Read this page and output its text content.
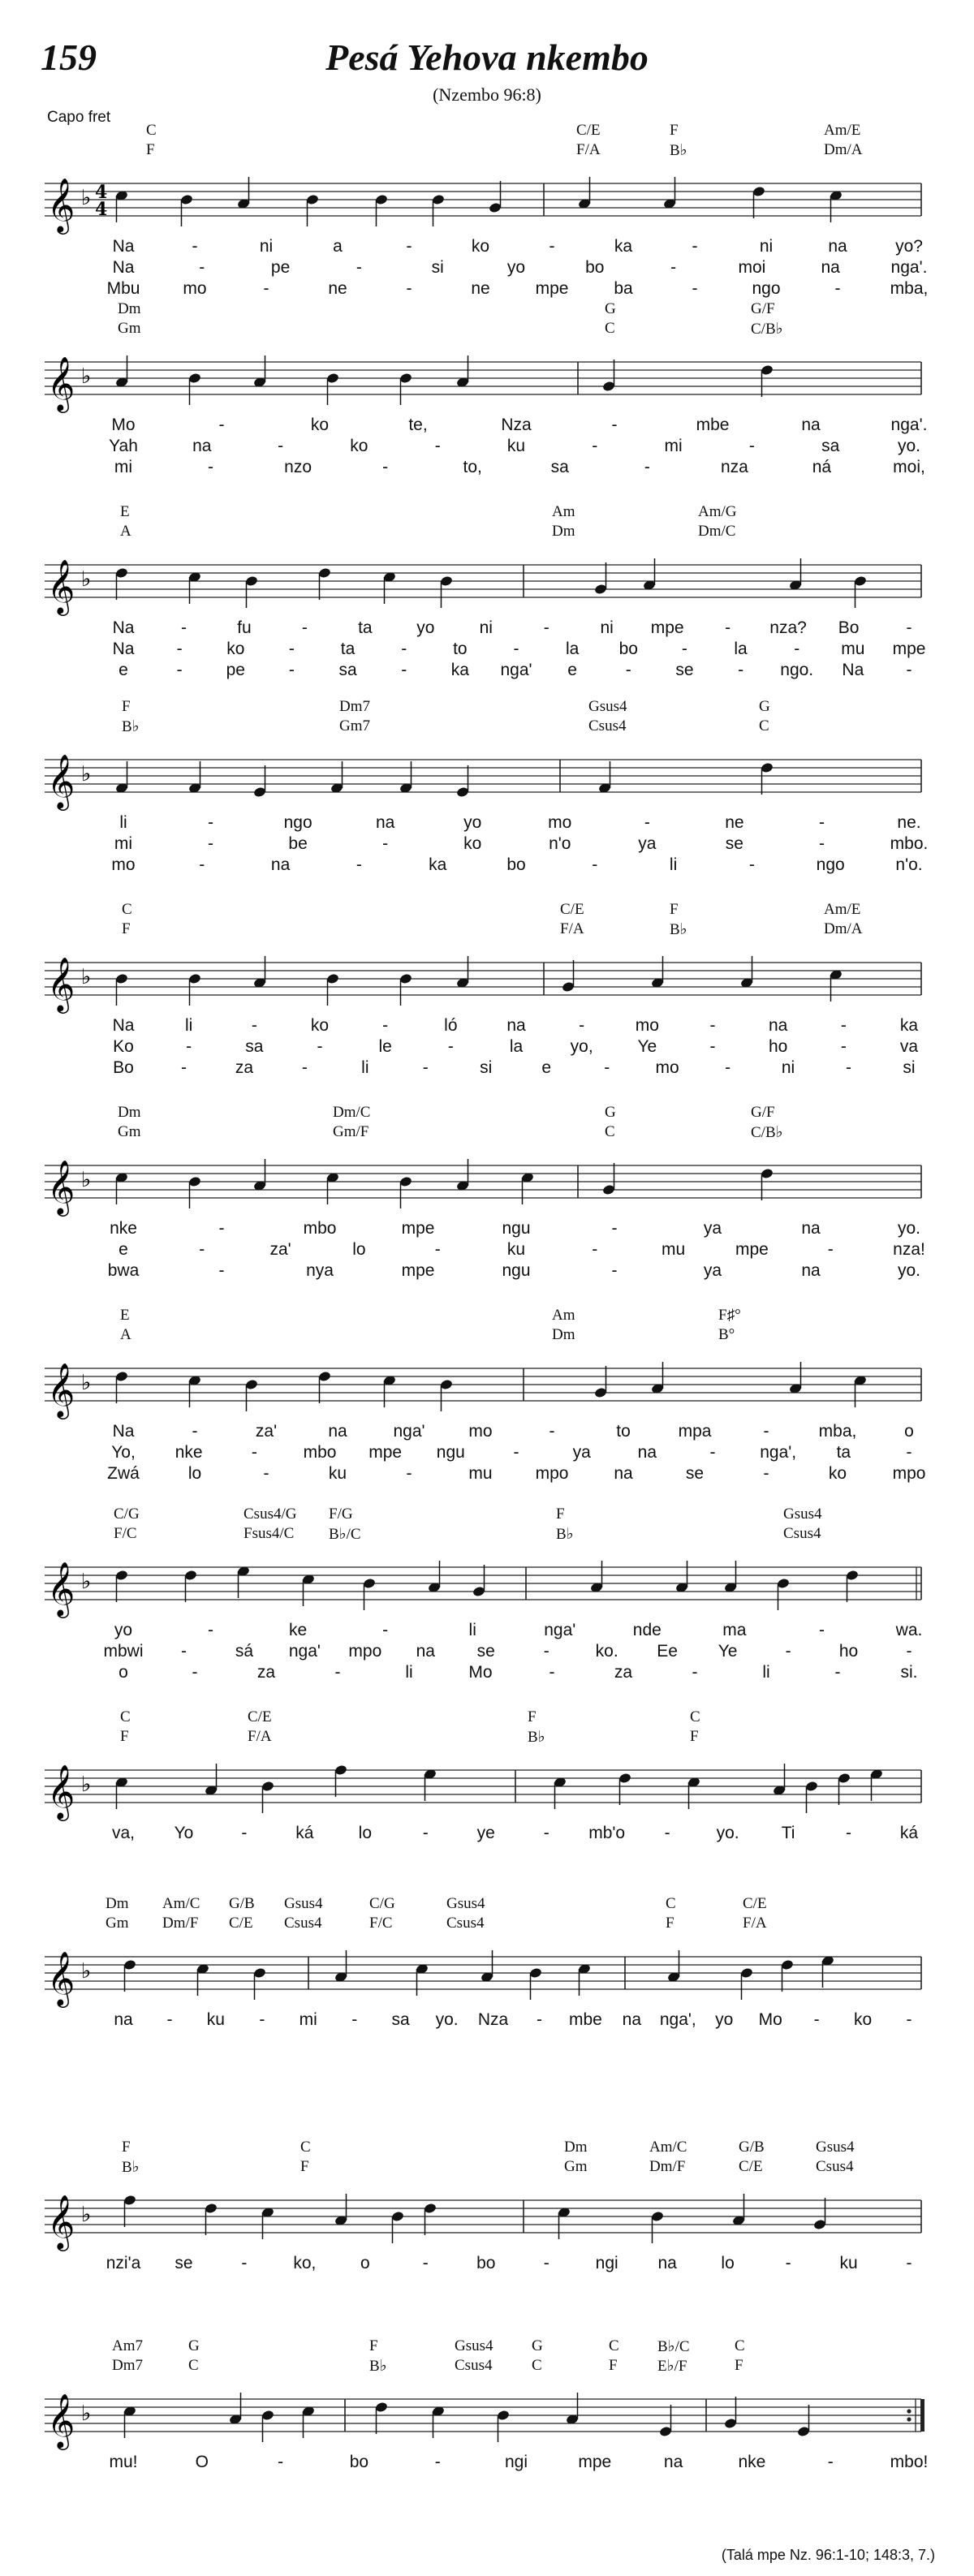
159	Pesá Yehova nkembo
(Nzembo 96:8)
Capo fret
C	C/E	F	Am/E
F	F/A	B♭	Dm/A
𝄞 ♭ 4
4
Na	-	ni	a	-	ko	-	ka	-	ni	na	yo?
Na	-	pe	-	si	yo	bo	-	moi	na	nga'.
Mbu	mo	-	ne	-	ne	mpe	ba	-	ngo	-	mba,
Dm	G	G/F
Gm	C	C/B♭
𝄞 ♭
Mo	-	ko	te,	Nza	-	mbe	na	nga'.
Yah	na	-	ko	-	ku	-	mi	-	sa	yo.
mi	-	nzo	-	to,	sa	-	nza	ná	moi,
E	Am	Am/G
A	Dm	Dm/C
𝄞 ♭
Na	-	fu	-	ta	yo	ni	-	ni mpe - nza? Bo	-
Na -	ko	-	ta	-	to	-	la bo	-	la	- mu mpe
e	-	pe	-	sa	-	ka nga' e	-	se	- ngo. Na -
F	Dm7	Gsus4	G
B♭	Gm7	Csus4	C
𝄞 ♭
li	-	ngo	na	yo	mo	-	ne	-	ne.
mi	-	be	-	ko	n'o	ya	se	-	mbo.
mo	-	na	-	ka	bo	-	li	-	ngo	n'o.
C	C/E	F	Am/E
F	F/A	B♭	Dm/A
𝄞 ♭
Na	li	-	ko	-	ló	na	-	mo	-	na	-	ka
Ko	-	sa	-	le	-	la	yo,	Ye	-	ho	-	va
Bo	-	za	-	li	-	si	e	-	mo	-	ni	-	si
Dm	Dm/C	G	G/F
Gm	Gm/F	C	C/B♭
𝄞 ♭
nke	-	mbo	mpe	ngu	-	ya	na	yo.
e	-	za'	lo	-	ku	-	mu	mpe	-	nza!
bwa	-	nya	mpe	ngu	-	ya	na	yo.
E	Am	F♯°
A	Dm	B°
𝄞 ♭
Na	-	za'	na	nga'	mo	-	to	mpa	-	mba,	o
Yo, nke	-	mbo mpe ngu	-	ya	na	-	nga', ta	-
Zwá	lo	-	ku	-	mu	mpo	na	se	-	ko	mpo
C/G	Csus4/G F/G	F	Gsus4
F/C	Fsus4/C B♭/C	B♭	Csus4
𝄞 ♭
yo	-	ke	-	li	nga'	nde	ma	-	wa.
mbwi -	sá nga' mpo na se	-	ko. Ee Ye	-	ho	-
o	-	za	-	li	Mo	-	za	-	li	-	si.
C	C/E	F	C
F	F/A	B♭	F
𝄞 ♭
va, Yo	-	ká	lo	-	ye	- mb'o -	yo. Ti	-	ká
Dm Am/C G/B Gsus4	C/G	Gsus4	C	C/E
Gm Dm/F C/E Csus4	F/C	Csus4	F	F/A
𝄞 ♭
na - ku - mi - sa yo. Nza - mbe na nga', yo Mo - ko -
F	C	Dm	Am/C	G/B	Gsus4
B♭	F	Gm	Dm/F	C/E	Csus4
𝄞 ♭
nzi'a se	-	ko,	o	-	bo	-	ngi na	lo	-	ku	-
Am7	G	F	Gsus4 G	C B♭/C	C
Dm7	C	B♭	Csus4	C	F	E♭/F	F
𝄞 ♭
mu!	O	-	bo	-	ngi	mpe	na	nke	-	mbo!
(Talá mpe Nz. 96:1-10; 148:3, 7.)
